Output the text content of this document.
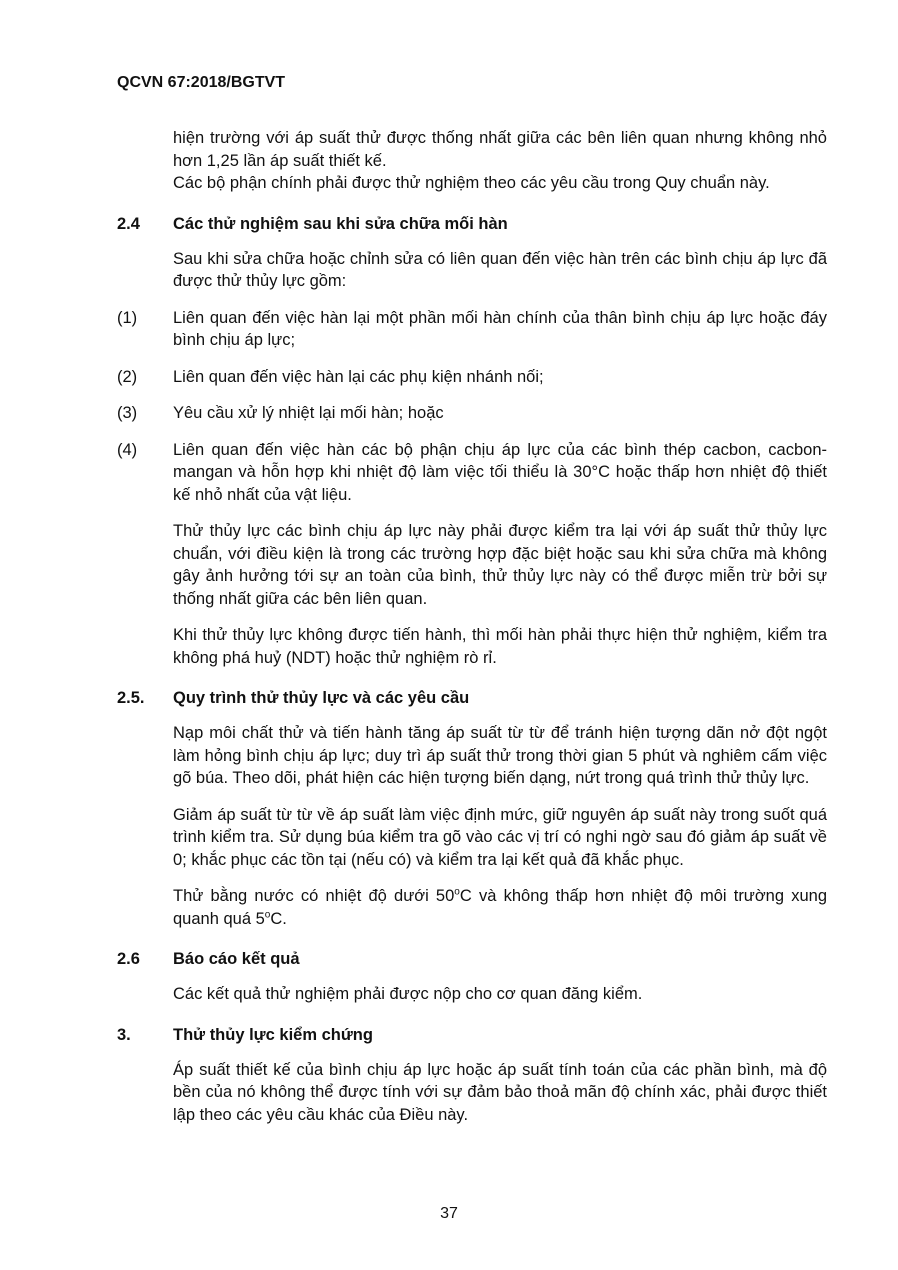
QCVN 67:2018/BGTVT

hiện trường với áp suất thử được thống nhất giữa các bên liên quan nhưng không nhỏ hơn 1,25 lần áp suất thiết kế.

Các bộ phận chính phải được thử nghiệm theo các yêu cầu trong Quy chuẩn này.

2.4	Các thử nghiệm sau khi sửa chữa mối hàn

Sau khi sửa chữa hoặc chỉnh sửa có liên quan đến việc hàn trên các bình chịu áp lực đã được thử thủy lực gồm:

(1)	Liên quan đến việc hàn lại một phần mối hàn chính của thân bình chịu áp lực hoặc đáy bình chịu áp lực;
(2)	Liên quan đến việc hàn lại các phụ kiện nhánh nối;
(3)	Yêu cầu xử lý nhiệt lại mối hàn; hoặc
(4)	Liên quan đến việc hàn các bộ phận chịu áp lực của các bình thép cacbon, cacbon-mangan và hỗn hợp khi nhiệt độ làm việc tối thiểu là 30°C hoặc thấp hơn nhiệt độ thiết kế nhỏ nhất của vật liệu.

Thử thủy lực các bình chịu áp lực này phải được kiểm tra lại với áp suất thử thủy lực chuẩn, với điều kiện là trong các trường hợp đặc biệt hoặc sau khi sửa chữa mà không gây ảnh hưởng tới sự an toàn của bình, thử thủy lực này có thể được miễn trừ bởi sự thống nhất giữa các bên liên quan.

Khi thử thủy lực không được tiến hành, thì mối hàn phải thực hiện thử nghiệm, kiểm tra không phá huỷ (NDT) hoặc thử nghiệm rò rỉ.

2.5.	Quy trình thử thủy lực và các yêu cầu

Nạp môi chất thử và tiến hành tăng áp suất từ từ để tránh hiện tượng dãn nở đột ngột làm hỏng bình chịu áp lực; duy trì áp suất thử trong thời gian 5 phút và nghiêm cấm việc gõ búa. Theo dõi, phát hiện các hiện tượng biến dạng, nứt trong quá trình thử thủy lực.

Giảm áp suất từ từ về áp suất làm việc định mức, giữ nguyên áp suất này trong suốt quá trình kiểm tra. Sử dụng búa kiểm tra gõ vào các vị trí có nghi ngờ sau đó giảm áp suất về 0; khắc phục các tồn tại (nếu có) và kiểm tra lại kết quả đã khắc phục.

Thử bằng nước có nhiệt độ dưới 50$^o$C và không thấp hơn nhiệt độ môi trường xung quanh quá 5$^o$C.

2.6	Báo cáo kết quả

Các kết quả thử nghiệm phải được nộp cho cơ quan đăng kiểm.

3.	Thử thủy lực kiểm chứng

Áp suất thiết kế của bình chịu áp lực hoặc áp suất tính toán của các phần bình, mà độ bền của nó không thể được tính với sự đảm bảo thoả mãn độ chính xác, phải được thiết lập theo các yêu cầu khác của Điều này.

37
